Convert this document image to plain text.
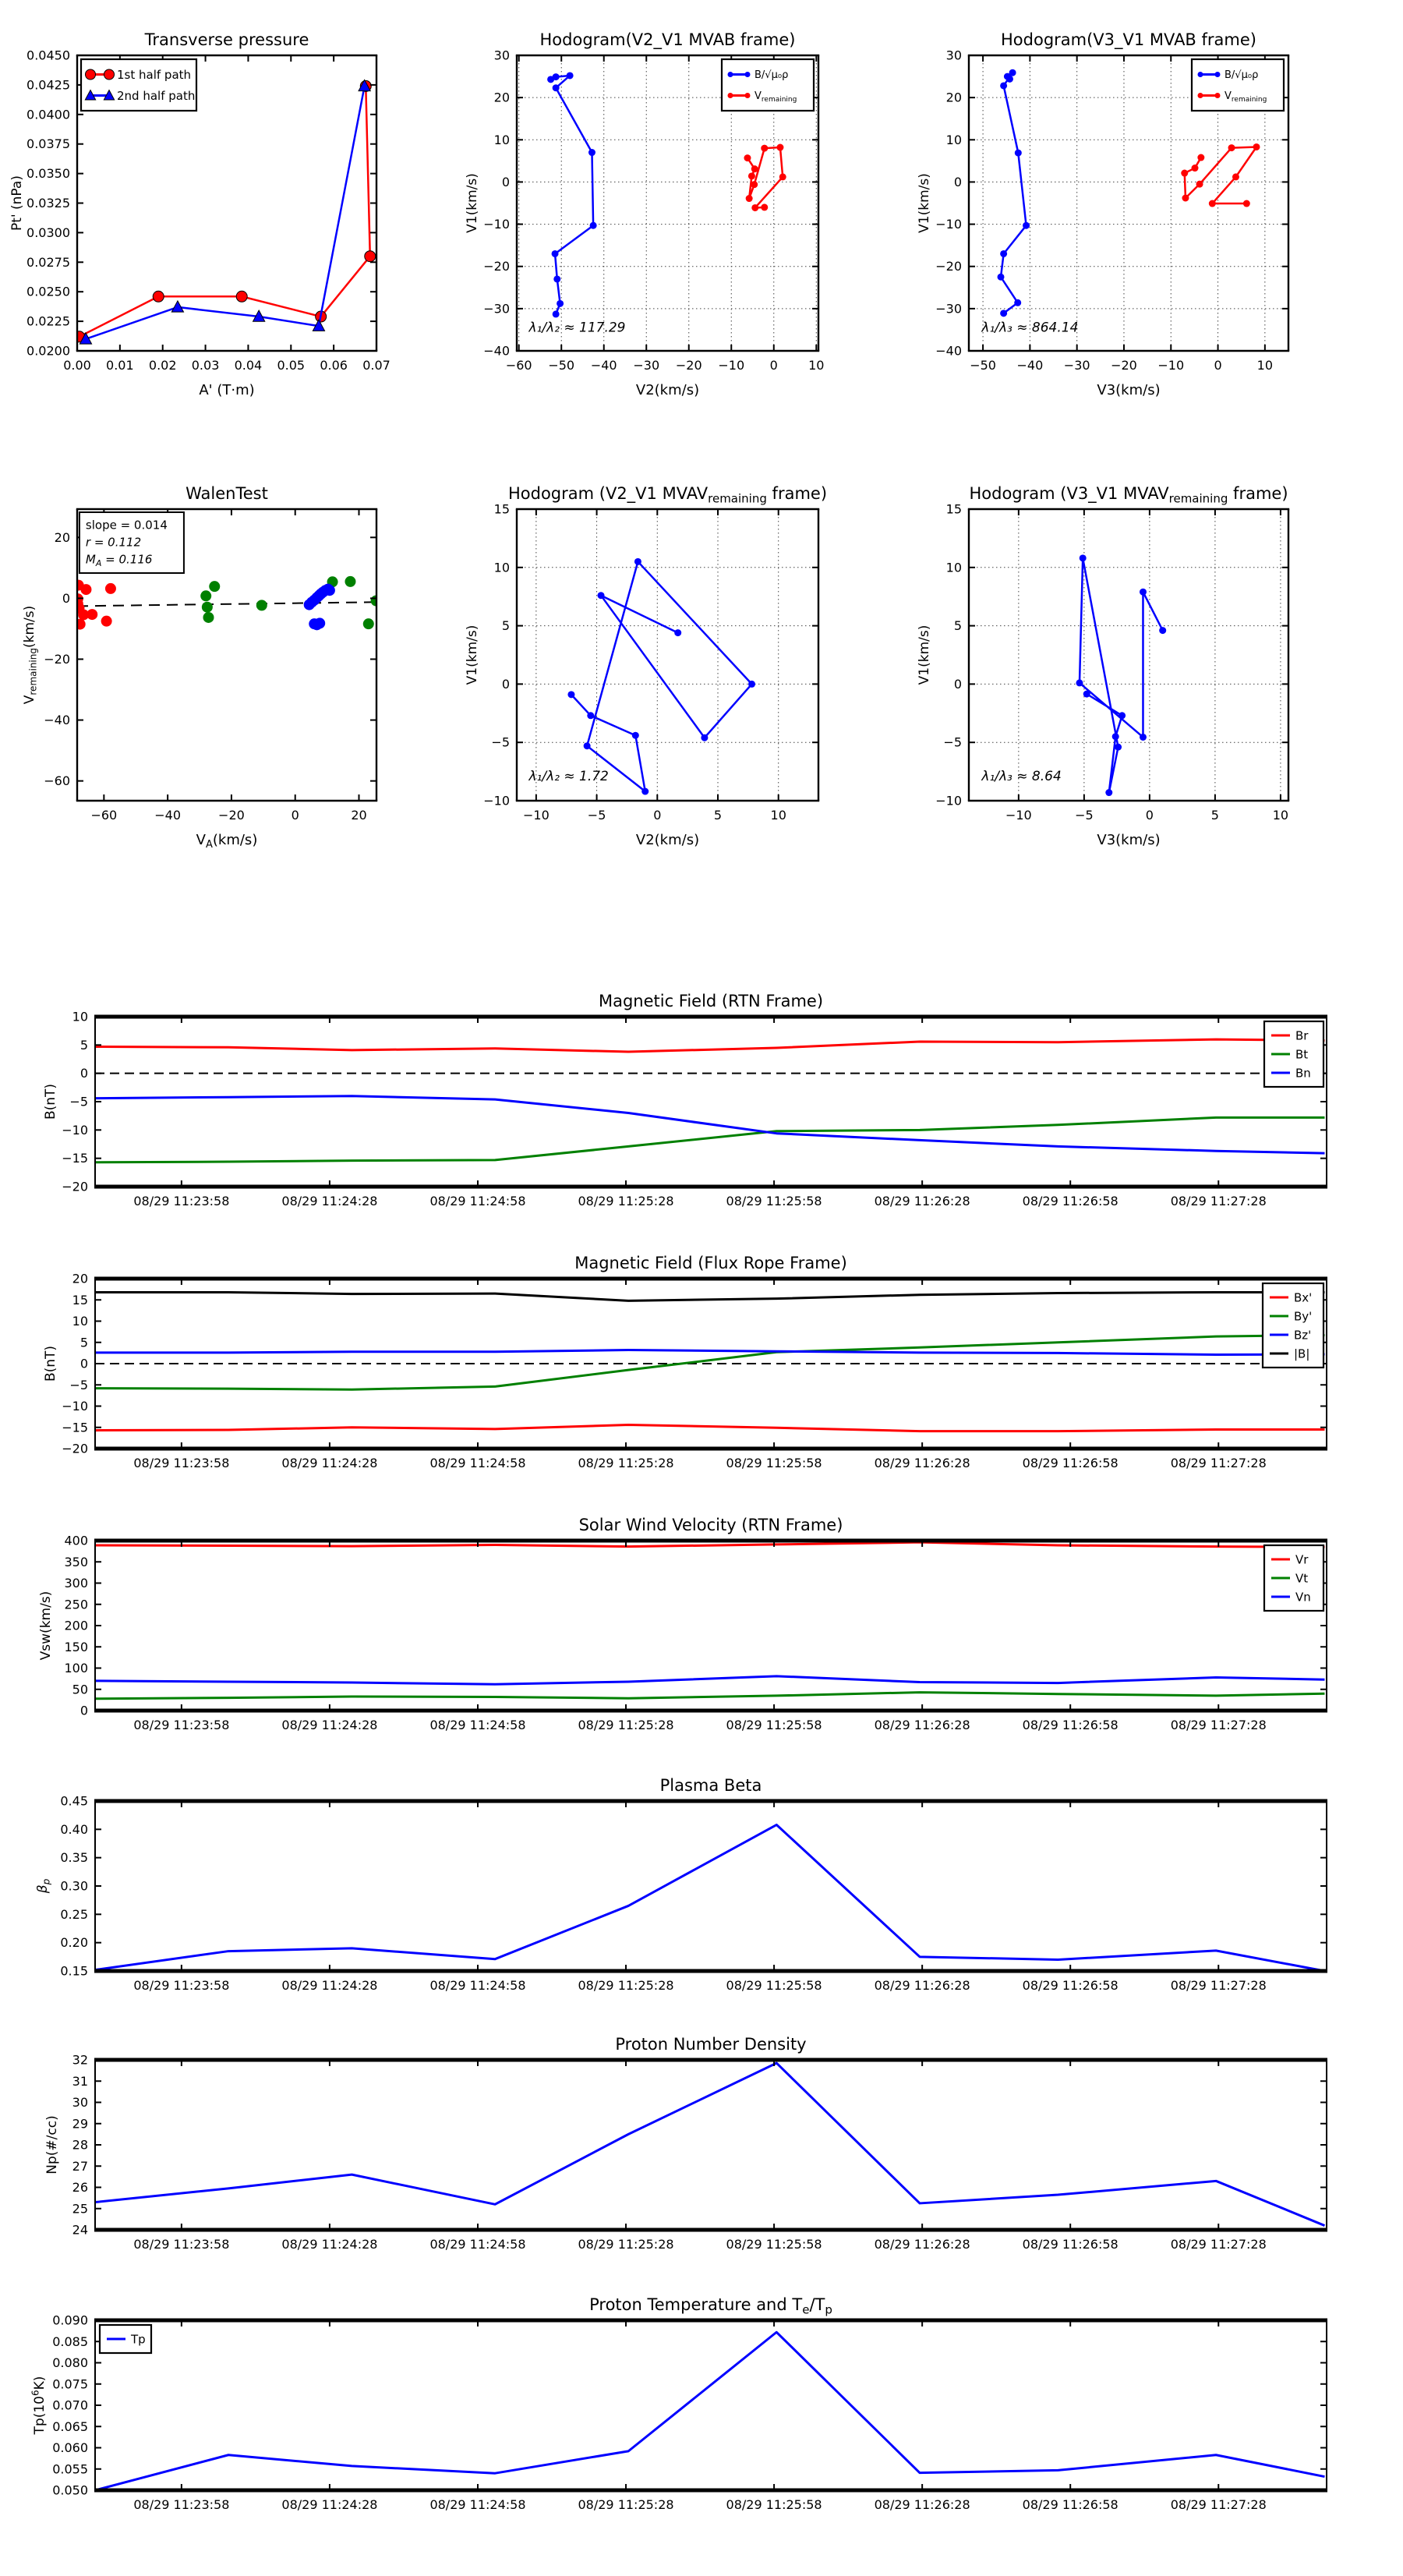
0.00 0.01 0.02 0.03 0.04 0.05 0.06 0.07
0.0200
0.0225
0.0250
0.0275
0.0300
0.0325
0.0350
0.0375
0.0400
0.0425
0.0450
Transverse pressure
A' (T·m)
Pt' (nPa)
1st half path
2nd half path
−60 −50 −40 −30 −20 −10 0 10
−40
−30
−20
−10
0
10
20
30
Hodogram(V2_V1 MVAB frame)
V2(km/s)
V1(km/s)
λ₁/λ₂ ≈ 117.29
B/√μ₀ρ
$V_{remaining}$
−50 −40 −30 −20 −10 0	10
−40
−30
−20
−10
0
10
20
30
Hodogram(V3_V1 MVAB frame)
V3(km/s)
V1(km/s)
λ₁/λ₃ ≈ 864.14
B/√μ₀ρ
$V_{remaining}$
−60	−40	−20	0	20
20
0
−20
−40
−60
WalenTest
$V_A(km/s)$
$V_{remaining}(km/s)$
slope = 0.014
r = 0.112
$M_A = 0.116$
−10	−5	0	5	10
−10
−5
0
5
10
15
Hodogram (V2_V1 $MVAV_{remaining}$ frame)
V2(km/s)
V1(km/s)
λ₁/λ₂ ≈ 1.72
−10	−5	0	5	10
−10
−5
0
5
10
15
Hodogram (V3_V1 $MVAV_{remaining}$ frame)
V3(km/s)
V1(km/s)
λ₁/λ₃ ≈ 8.64
08/29 11:23:58	08/29 11:24:28	08/29 11:24:58	08/29 11:25:28	08/29 11:25:58	08/29 11:26:28	08/29 11:26:58	08/29 11:27:28
−20
−15
−10
−5
0
5
10
Magnetic Field (RTN Frame)
B(nT)
Br
Bt
Bn
08/29 11:23:58	08/29 11:24:28	08/29 11:24:58	08/29 11:25:28	08/29 11:25:58	08/29 11:26:28	08/29 11:26:58	08/29 11:27:28
−20
−15
−10
−5
0
5
10
15
20
Magnetic Field (Flux Rope Frame)
B(nT)
Bx'
By'
Bz'
|B|
08/29 11:23:58	08/29 11:24:28	08/29 11:24:58	08/29 11:25:28	08/29 11:25:58	08/29 11:26:28	08/29 11:26:58	08/29 11:27:28
0
50
100
150
200
250
300
350
400
Solar Wind Velocity (RTN Frame)
Vsw(km/s)
Vr
Vt
Vn
08/29 11:23:58	08/29 11:24:28	08/29 11:24:58	08/29 11:25:28	08/29 11:25:58	08/29 11:26:28	08/29 11:26:58	08/29 11:27:28
0.15
0.20
0.25
0.30
0.35
0.40
0.45
Plasma Beta
$\beta_p$
08/29 11:23:58	08/29 11:24:28	08/29 11:24:58	08/29 11:25:28	08/29 11:25:58	08/29 11:26:28	08/29 11:26:58	08/29 11:27:28
24
25
26
27
28
29
30
31
32
Proton Number Density
Np(#/cc)
08/29 11:23:58	08/29 11:24:28	08/29 11:24:58	08/29 11:25:28	08/29 11:25:58	08/29 11:26:28	08/29 11:26:58	08/29 11:27:28
0.050
0.055
0.060
0.065
0.070
0.075
0.080
0.085
0.090
Proton Temperature and $T_e/T_p$
$Tp(10^6K)$
Tp
